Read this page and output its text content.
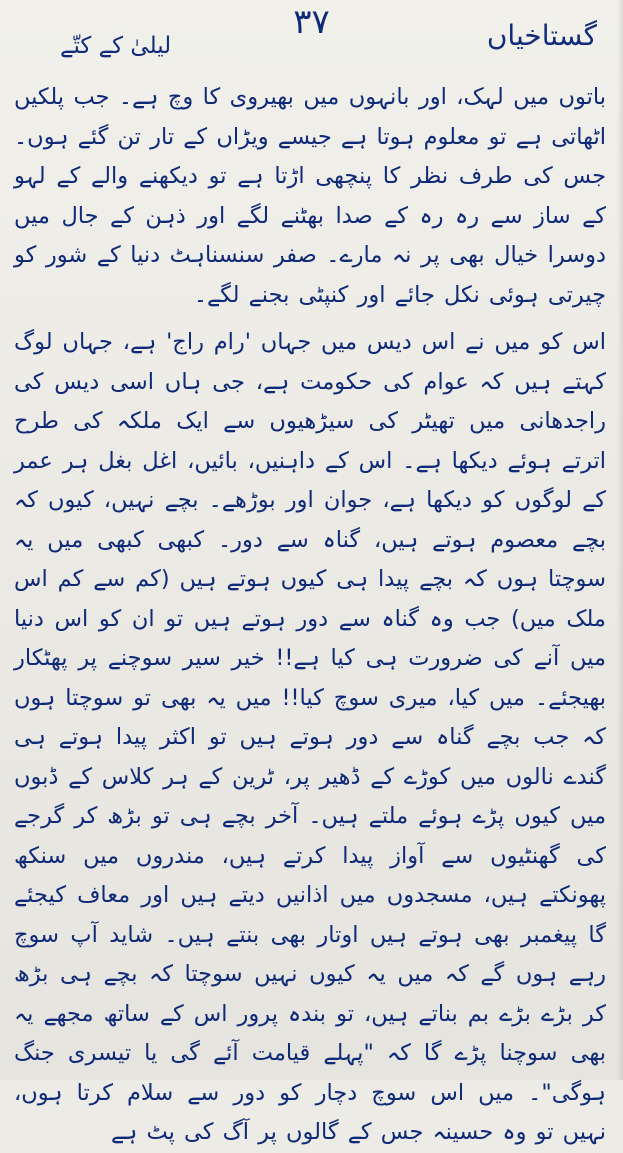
۳۷	گستاخیاں
لیلیٰ کے کتّے

باتوں میں لہک، اور بانہوں میں بھیروی کا وچ ہے۔ جب پلکیں اٹھاتی ہے تو معلوم ہوتا ہے جیسے ویڑاں کے تار تن گئے ہوں۔ جس کی طرف نظر کا پنچھی اڑتا ہے تو دیکھنے والے کے لہو کے ساز سے رہ رہ کے صدا بھٹنے لگے اور ذہن کے جال میں دوسرا خیال بھی پر نہ مارے۔ صفر سنسناہٹ دنیا کے شور کو چیرتی ہوئی نکل جائے اور کنپٹی بجنے لگے۔

اس کو میں نے اس دیس میں جہاں 'رام راج' ہے، جہاں لوگ کہتے ہیں کہ عوام کی حکومت ہے، جی ہاں اسی دیس کی راجدھانی میں تھیٹر کی سیڑھیوں سے ایک ملکہ کی طرح اترتے ہوئے دیکھا ہے۔ اس کے داہنیں، بائیں، اغل بغل ہر عمر کے لوگوں کو دیکھا ہے، جوان اور بوڑھے۔ بچے نہیں، کیوں کہ بچے معصوم ہوتے ہیں، گناہ سے دور۔ کبھی کبھی میں یہ سوچتا ہوں کہ بچے پیدا ہی کیوں ہوتے ہیں (کم سے کم اس ملک میں) جب وہ گناہ سے دور ہوتے ہیں تو ان کو اس دنیا میں آنے کی ضرورت ہی کیا ہے!! خیر سیر سوچنے پر پھٹکار بھیجئے۔ میں کیا، میری سوچ کیا!! میں یہ بھی تو سوچتا ہوں کہ جب بچے گناہ سے دور ہوتے ہیں تو اکثر پیدا ہوتے ہی گندے نالوں میں کوڑے کے ڈھیر پر، ٹرین کے ہر کلاس کے ڈبوں میں کیوں پڑے ہوئے ملتے ہیں۔ آخر بچے ہی تو بڑھ کر گرجے کی گھنٹیوں سے آواز پیدا کرتے ہیں، مندروں میں سنکھ پھونکتے ہیں، مسجدوں میں اذانیں دیتے ہیں اور معاف کیجئے گا پیغمبر بھی ہوتے ہیں اوتار بھی بنتے ہیں۔ شاید آپ سوچ رہے ہوں گے کہ میں یہ کیوں نہیں سوچتا کہ بچے ہی بڑھ کر بڑے بڑے بم بناتے ہیں، تو بندہ پرور اس کے ساتھ مجھے یہ بھی سوچنا پڑے گا کہ "پہلے قیامت آئے گی یا تیسری جنگ ہوگی"۔ میں اس سوچ دچار کو دور سے سلام کرتا ہوں، نہیں تو وہ حسینہ جس کے گالوں پر آگ کی پٹ ہے
